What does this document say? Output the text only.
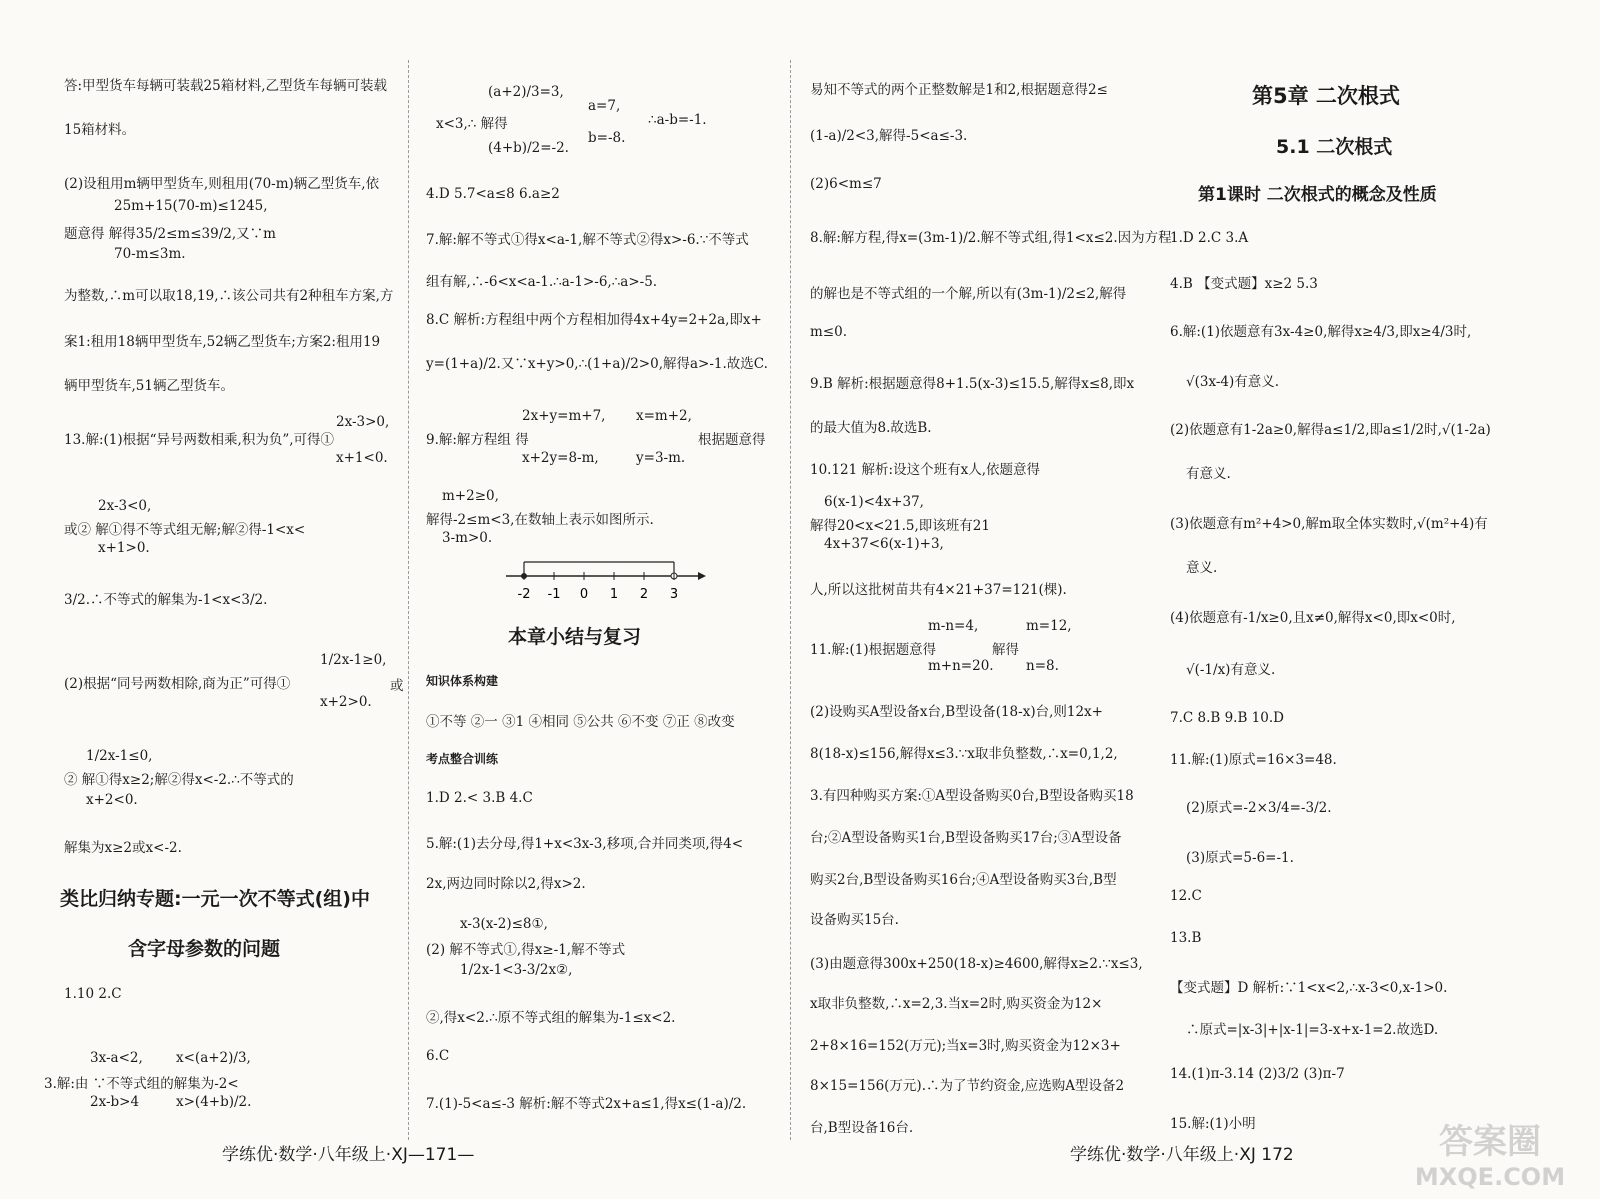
答:甲型货车每辆可装载25箱材料,乙型货车每辆可装载
15箱材料。
(2)设租用m辆甲型货车,则租用(70-m)辆乙型货车,依
25m+15(70-m)≤1245,
题意得 解得35/2≤m≤39/2,又∵m
70-m≤3m.
为整数,∴m可以取18,19,∴该公司共有2种租车方案,方
案1:租用18辆甲型货车,52辆乙型货车;方案2:租用19
辆甲型货车,51辆乙型货车。
13.解:(1)根据“异号两数相乘,积为负”,可得①
2x-3>0,
x+1<0.
2x-3<0,
或② 解①得不等式组无解;解②得-1<x<
x+1>0.
3/2.∴不等式的解集为-1<x<3/2.
(2)根据“同号两数相除,商为正”可得①
1/2x-1≥0,
x+2>0.
或
1/2x-1≤0,
② 解①得x≥2;解②得x<-2.∴不等式的
x+2<0.
解集为x≥2或x<-2.
类比归纳专题:一元一次不等式(组)中
含字母参数的问题
1.10 2.C
3x-a<2,
3.解:由 ∵不等式组的解集为-2<
2x-b>4
x<(a+2)/3,
x>(4+b)/2.
(a+2)/3=3,
x<3,∴ 解得
a=7,
∴a-b=-1.
(4+b)/2=-2.
b=-8.
4.D 5.7<a≤8 6.a≥2
7.解:解不等式①得x<a-1,解不等式②得x>-6.∵不等式
组有解,∴-6<x<a-1.∴a-1>-6,∴a>-5.
8.C 解析:方程组中两个方程相加得4x+4y=2+2a,即x+
y=(1+a)/2.又∵x+y>0,∴(1+a)/2>0,解得a>-1.故选C.
2x+y=m+7,
9.解:解方程组 得
x+2y=8-m,
x=m+2,
y=3-m.
根据题意得
m+2≥0,
解得-2≤m<3,在数轴上表示如图所示.
3-m>0.
-2 -1 0 1 2 3
本章小结与复习
知识体系构建
①不等 ②一 ③1 ④相同 ⑤公共 ⑥不变 ⑦正 ⑧改变
考点整合训练
1.D 2.< 3.B 4.C
5.解:(1)去分母,得1+x<3x-3,移项,合并同类项,得4<
2x,两边同时除以2,得x>2.
x-3(x-2)≤8①,
(2) 解不等式①,得x≥-1,解不等式
1/2x-1<3-3/2x②,
②,得x<2.∴原不等式组的解集为-1≤x<2.
6.C
7.(1)-5<a≤-3 解析:解不等式2x+a≤1,得x≤(1-a)/2.
易知不等式的两个正整数解是1和2,根据题意得2≤
(1-a)/2<3,解得-5<a≤-3.
(2)6<m≤7
8.解:解方程,得x=(3m-1)/2.解不等式组,得1<x≤2.因为方程
的解也是不等式组的一个解,所以有(3m-1)/2≤2,解得
m≤0.
9.B 解析:根据题意得8+1.5(x-3)≤15.5,解得x≤8,即x
的最大值为8.故选B.
10.121 解析:设这个班有x人,依题意得
6(x-1)<4x+37,
解得20<x<21.5,即该班有21
4x+37<6(x-1)+3,
人,所以这批树苗共有4×21+37=121(棵).
11.解:(1)根据题意得
m-n=4,
m+n=20.
解得
m=12,
n=8.
(2)设购买A型设备x台,B型设备(18-x)台,则12x+
8(18-x)≤156,解得x≤3.∵x取非负整数,∴x=0,1,2,
3.有四种购买方案:①A型设备购买0台,B型设备购买18
台;②A型设备购买1台,B型设备购买17台;③A型设备
购买2台,B型设备购买16台;④A型设备购买3台,B型
设备购买15台.
(3)由题意得300x+250(18-x)≥4600,解得x≥2.∵x≤3,
x取非负整数,∴x=2,3.当x=2时,购买资金为12×
2+8×16=152(万元);当x=3时,购买资金为12×3+
8×15=156(万元).∴为了节约资金,应选购A型设备2
台,B型设备16台.
第5章 二次根式
5.1 二次根式
第1课时 二次根式的概念及性质
1.D 2.C 3.A
4.B 【变式题】x≥2 5.3
6.解:(1)依题意有3x-4≥0,解得x≥4/3,即x≥4/3时,
√(3x-4)有意义.
(2)依题意有1-2a≥0,解得a≤1/2,即a≤1/2时,√(1-2a)
有意义.
(3)依题意有m²+4>0,解m取全体实数时,√(m²+4)有
意义.
(4)依题意有-1/x≥0,且x≠0,解得x<0,即x<0时,
√(-1/x)有意义.
7.C 8.B 9.B 10.D
11.解:(1)原式=16×3=48.
(2)原式=-2×3/4=-3/2.
(3)原式=5-6=-1.
12.C
13.B
【变式题】D 解析:∵1<x<2,∴x-3<0,x-1>0.
∴原式=|x-3|+|x-1|=3-x+x-1=2.故选D.
14.(1)π-3.14 (2)3/2 (3)π-7
15.解:(1)小明
学练优·数学·八年级上·XJ—171—	学练优·数学·八年级上·XJ 172	答案圈
MXQE.COM
